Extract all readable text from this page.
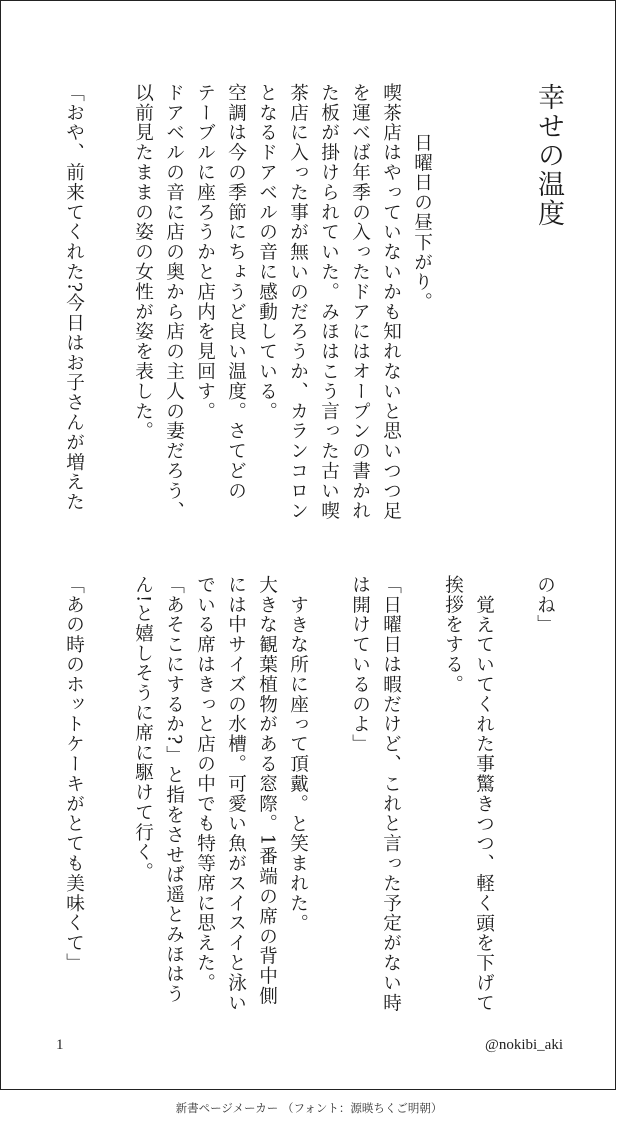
幸せの温度
日曜日の昼下がり。
喫茶店はやっていないかも知れないと思いつつ足
を運べば年季の入ったドアにはオープンの書かれ
た板が掛けられていた。みほはこう言った古い喫
茶店に入った事が無いのだろうか、カランコロン
となるドアベルの音に感動している。
空調は今の季節にちょうど良い温度。さてどの
テーブルに座ろうかと店内を見回す。
ドアベルの音に店の奥から店の主人の妻だろう、
以前見たままの姿の女性が姿を表した。
「おや、前来てくれた?今日はお子さんが増えた
のね」
覚えていてくれた事驚きつつ、軽く頭を下げて
挨拶をする。
「日曜日は暇だけど、これと言った予定がない時
は開けているのよ」
すきな所に座って頂戴。と笑まれた。
大きな観葉植物がある窓際。1番端の席の背中側
には中サイズの水槽。可愛い魚がスイスイと泳い
でいる席はきっと店の中でも特等席に思えた。
「あそこにするか?」と指をさせば遥とみほはう
ん!と嬉しそうに席に駆けて行く。
「あの時のホットケーキがとても美味くて」
1	@nokibi_aki
新書ページメーカー （フォント：源暎ちくご明朝）
